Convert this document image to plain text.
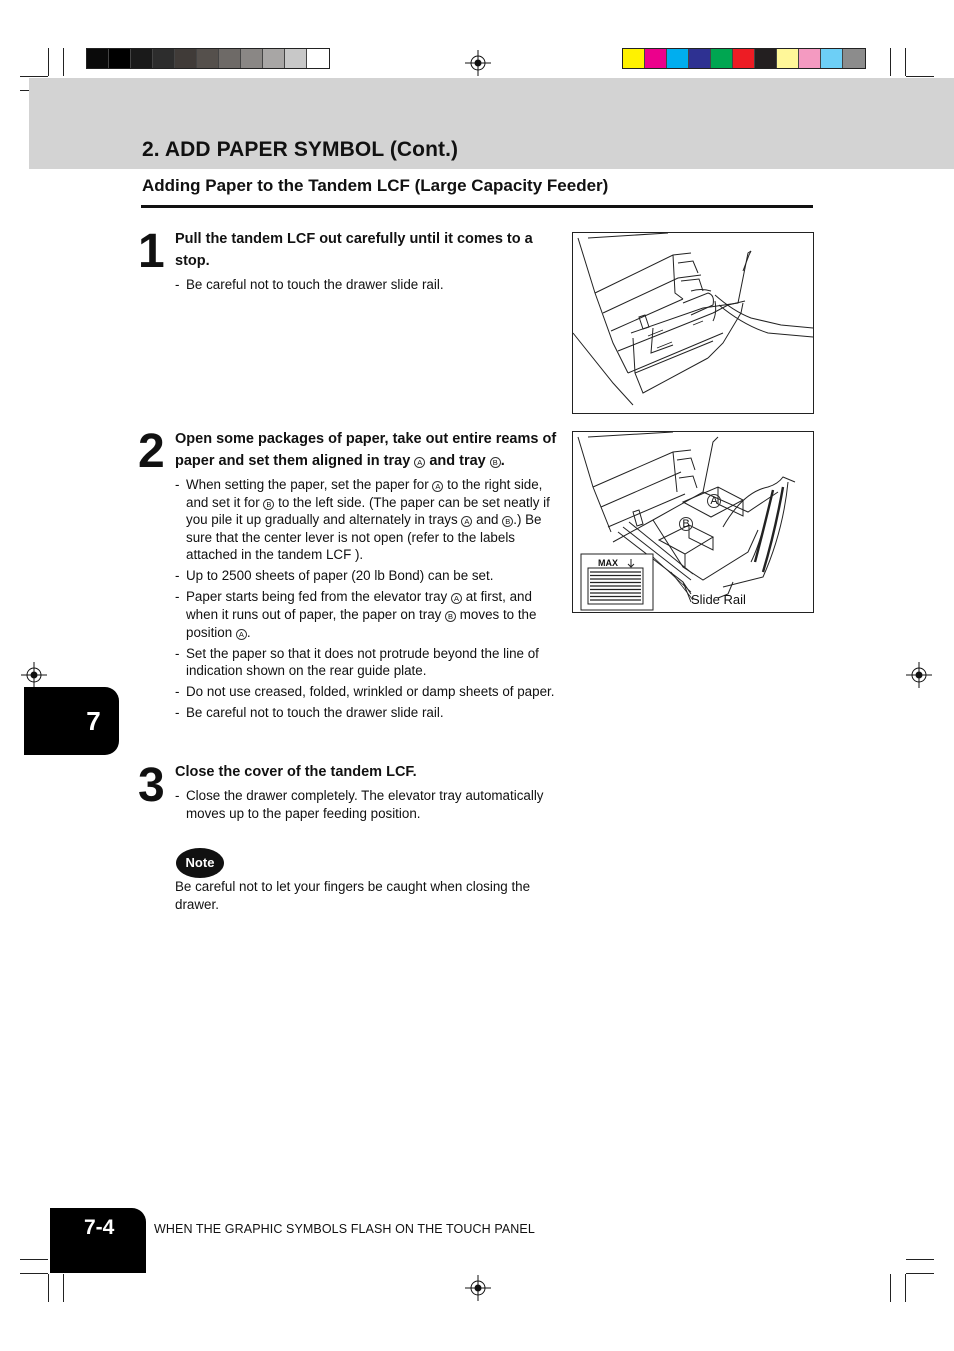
2. ADD PAPER SYMBOL (Cont.)
Adding Paper to the Tandem LCF (Large Capacity Feeder)
1 Pull the tandem LCF out carefully until it comes to a stop.
- Be careful not to touch the drawer slide rail.
2 Open some packages of paper, take out entire reams of paper and set them aligned in tray A and tray B .
- When setting the paper, set the paper for A to the right side, and set it for B to the left side. (The paper can be set neatly if you pile it up gradually and alternately in trays A and B .) Be sure that the center lever is not open (refer to the labels attached in the tandem LCF ).
- Up to 2500 sheets of paper (20 lb Bond) can be set.
- Paper starts being fed from the elevator tray A at first, and when it runs out of paper, the paper on tray B moves to the position A .
- Set the paper so that it does not protrude beyond the line of indication shown on the rear guide plate.
- Do not use creased, folded, wrinkled or damp sheets of paper.
- Be careful not to touch the drawer slide rail.
MAX
A
B
Slide Rail
3 Close the cover of the tandem LCF.
- Close the drawer completely. The elevator tray automatically moves up to the paper feeding position.
Note

Be careful not to let your fingers be caught when closing the drawer.

7
7-4	WHEN THE GRAPHIC SYMBOLS FLASH ON THE TOUCH PANEL
